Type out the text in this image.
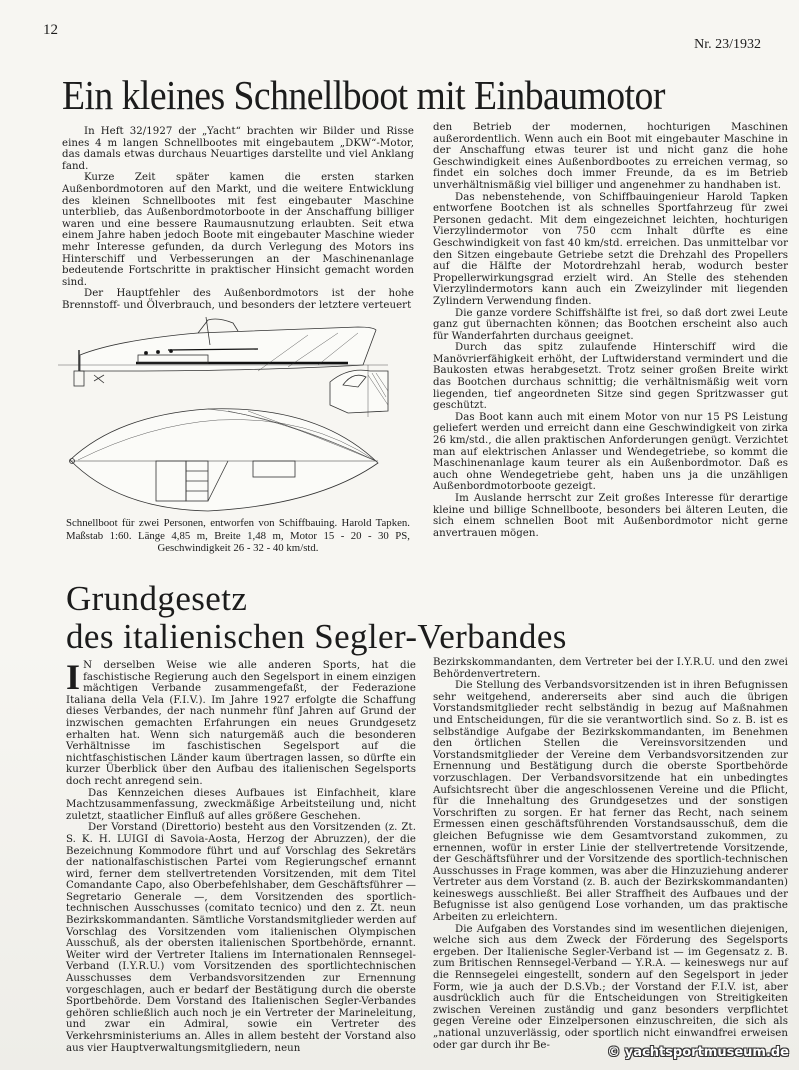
12
Nr. 23/1932
Ein kleines Schnellboot mit Einbaumotor

In Heft 32/1927 der „Yacht“ brachten wir Bilder und Risse eines 4 m langen Schnellbootes mit eingebautem „DKW“-Motor, das damals etwas durchaus Neuartiges darstellte und viel Anklang fand.

Kurze Zeit später kamen die ersten starken Außenbordmotoren auf den Markt, und die weitere Entwicklung des kleinen Schnellbootes mit fest eingebauter Maschine unterblieb, das Außenbordmotorboote in der Anschaffung billiger waren und eine bessere Raumausnutzung erlaubten. Seit etwa einem Jahre haben jedoch Boote mit eingebauter Maschine wieder mehr Interesse gefunden, da durch Verlegung des Motors ins Hinterschiff und Verbesserungen an der Maschinenanlage bedeutende Fortschritte in praktischer Hinsicht gemacht worden sind.

Der Hauptfehler des Außenbordmotors ist der hohe Brennstoff- und Ölverbrauch, und besonders der letztere verteuert

Schnellboot für zwei Personen, entworfen von Schiffbauing. Harold Tapken. Maßstab 1:60. Länge 4,85 m, Breite 1,48 m, Motor 15 - 20 - 30 PS, Geschwindigkeit 26 - 32 - 40 km/std.

den Betrieb der modernen, hochturigen Maschinen außerordentlich. Wenn auch ein Boot mit eingebauter Maschine in der Anschaffung etwas teurer ist und nicht ganz die hohe Geschwindigkeit eines Außenbordbootes zu erreichen vermag, so findet ein solches doch immer Freunde, da es im Betrieb unverhältnismäßig viel billiger und angenehmer zu handhaben ist.

Das nebenstehende, von Schiffbauingenieur Harold Tapken entworfene Bootchen ist als schnelles Sportfahrzeug für zwei Personen gedacht. Mit dem eingezeichnet leichten, hochturigen Vierzylindermotor von 750 ccm Inhalt dürfte es eine Geschwindigkeit von fast 40 km/std. erreichen. Das unmittelbar vor den Sitzen eingebaute Getriebe setzt die Drehzahl des Propellers auf die Hälfte der Motordrehzahl herab, wodurch bester Propellerwirkungsgrad erzielt wird. An Stelle des stehenden Vierzylindermotors kann auch ein Zweizylinder mit liegenden Zylindern Verwendung finden.

Die ganze vordere Schiffshälfte ist frei, so daß dort zwei Leute ganz gut übernachten können; das Bootchen erscheint also auch für Wanderfahrten durchaus geeignet.

Durch das spitz zulaufende Hinterschiff wird die Manövrierfähigkeit erhöht, der Luftwiderstand vermindert und die Baukosten etwas herabgesetzt. Trotz seiner großen Breite wirkt das Bootchen durchaus schnittig; die verhältnismäßig weit vorn liegenden, tief angeordneten Sitze sind gegen Spritzwasser gut geschützt.

Das Boot kann auch mit einem Motor von nur 15 PS Leistung geliefert werden und erreicht dann eine Geschwindigkeit von zirka 26 km/std., die allen praktischen Anforderungen genügt. Verzichtet man auf elektrischen Anlasser und Wendegetriebe, so kommt die Maschinenanlage kaum teurer als ein Außenbordmotor. Daß es auch ohne Wendegetriebe geht, haben uns ja die unzähligen Außenbordmotorboote gezeigt.

Im Auslande herrscht zur Zeit großes Interesse für derartige kleine und billige Schnellboote, besonders bei älteren Leuten, die sich einem schnellen Boot mit Außenbordmotor nicht gerne anvertrauen mögen.

Grundgesetz
des italienischen Segler-Verbandes

I N derselben Weise wie alle anderen Sports, hat die faschistische Regierung auch den Segelsport in einem einzigen mächtigen Verbande zusammengefaßt, der Federazione Italiana della Vela (F.I.V.). Im Jahre 1927 erfolgte die Schaffung dieses Verbandes, der nach nunmehr fünf Jahren auf Grund der inzwischen gemachten Erfahrungen ein neues Grundgesetz erhalten hat. Wenn sich naturgemäß auch die besonderen Verhältnisse im faschistischen Segelsport auf die nichtfaschistischen Länder kaum übertragen lassen, so dürfte ein kurzer Überblick über den Aufbau des italienischen Segelsports doch recht anregend sein.

Das Kennzeichen dieses Aufbaues ist Einfachheit, klare Machtzusammenfassung, zweckmäßige Arbeitsteilung und, nicht zuletzt, staatlicher Einfluß auf alles größere Geschehen.

Der Vorstand (Direttorio) besteht aus den Vorsitzenden (z. Zt. S. K. H. LUIGI di Savoia-Aosta, Herzog der Abruzzen), der die Bezeichnung Kommodore führt und auf Vorschlag des Sekretärs der nationalfaschistischen Partei vom Regierungschef ernannt wird, ferner dem stellvertretenden Vorsitzenden, mit dem Titel Comandante Capo, also Oberbefehlshaber, dem Geschäftsführer — Segretario Generale —, dem Vorsitzenden des sportlich-technischen Ausschusses (comitato tecnico) und den z. Zt. neun Bezirkskommandanten. Sämtliche Vorstandsmitglieder werden auf Vorschlag des Vorsitzenden vom italienischen Olympischen Ausschuß, als der obersten italienischen Sportbehörde, ernannt. Weiter wird der Vertreter Italiens im Internationalen Rennsegel-Verband (I.Y.R.U.) vom Vorsitzenden des sportlichtechnischen Ausschusses dem Verbandsvorsitzenden zur Ernennung vorgeschlagen, auch er bedarf der Bestätigung durch die oberste Sportbehörde. Dem Vorstand des Italienischen Segler-Verbandes gehören schließlich auch noch je ein Vertreter der Marineleitung, und zwar ein Admiral, sowie ein Vertreter des Verkehrsministeriums an. Alles in allem besteht der Vorstand also aus vier Hauptverwaltungsmitgliedern, neun

Bezirkskommandanten, dem Vertreter bei der I.Y.R.U. und den zwei Behördenvertretern.

Die Stellung des Verbandsvorsitzenden ist in ihren Befugnissen sehr weitgehend, andererseits aber sind auch die übrigen Vorstandsmitglieder recht selbständig in bezug auf Maßnahmen und Entscheidungen, für die sie verantwortlich sind. So z. B. ist es selbständige Aufgabe der Bezirkskommandanten, im Benehmen den örtlichen Stellen die Vereinsvorsitzenden und Vorstandsmitglieder der Vereine dem Verbandsvorsitzenden zur Ernennung und Bestätigung durch die oberste Sportbehörde vorzuschlagen. Der Verbandsvorsitzende hat ein unbedingtes Aufsichtsrecht über die angeschlossenen Vereine und die Pflicht, für die Innehaltung des Grundgesetzes und der sonstigen Vorschriften zu sorgen. Er hat ferner das Recht, nach seinem Ermessen einen geschäftsführenden Vorstandsausschuß, dem die gleichen Befugnisse wie dem Gesamtvorstand zukommen, zu ernennen, wofür in erster Linie der stellvertretende Vorsitzende, der Geschäftsführer und der Vorsitzende des sportlich-technischen Ausschusses in Frage kommen, was aber die Hinzuziehung anderer Vertreter aus dem Vorstand (z. B. auch der Bezirkskommandanten) keineswegs ausschließt. Bei aller Straffheit des Aufbaues und der Befugnisse ist also genügend Lose vorhanden, um das praktische Arbeiten zu erleichtern.

Die Aufgaben des Vorstandes sind im wesentlichen diejenigen, welche sich aus dem Zweck der Förderung des Segelsports ergeben. Der Italienische Segler-Verband ist — im Gegensatz z. B. zum Britischen Rennsegel-Verband — Y.R.A. — keineswegs nur auf die Rennsegelei eingestellt, sondern auf den Segelsport in jeder Form, wie ja auch der D.S.Vb.; der Vorstand der F.I.V. ist, aber ausdrücklich auch für die Entscheidungen von Streitigkeiten zwischen Vereinen zuständig und ganz besonders verpflichtet gegen Vereine oder Einzelpersonen einzuschreiten, die sich als „national unzuverlässig, oder sportlich nicht einwandfrei erweisen oder gar durch ihr Be-	© yachtsportmuseum.de
